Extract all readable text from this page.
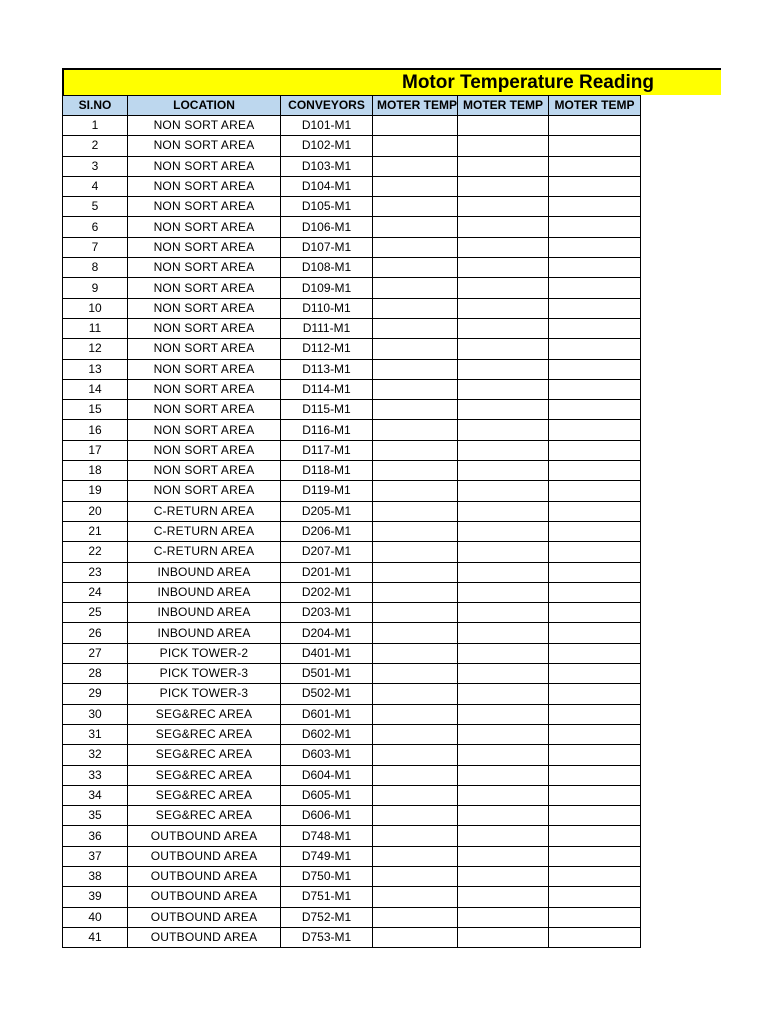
Motor Temperature Reading
SI.NO	LOCATION	CONVEYORS	MOTER TEMP	MOTER TEMP	MOTER TEMP
1	NON SORT AREA	D101-M1			
2	NON SORT AREA	D102-M1			
3	NON SORT AREA	D103-M1			
4	NON SORT AREA	D104-M1			
5	NON SORT AREA	D105-M1			
6	NON SORT AREA	D106-M1			
7	NON SORT AREA	D107-M1			
8	NON SORT AREA	D108-M1			
9	NON SORT AREA	D109-M1			
10	NON SORT AREA	D110-M1			
11	NON SORT AREA	D111-M1			
12	NON SORT AREA	D112-M1			
13	NON SORT AREA	D113-M1			
14	NON SORT AREA	D114-M1			
15	NON SORT AREA	D115-M1			
16	NON SORT AREA	D116-M1			
17	NON SORT AREA	D117-M1			
18	NON SORT AREA	D118-M1			
19	NON SORT AREA	D119-M1			
20	C-RETURN AREA	D205-M1			
21	C-RETURN AREA	D206-M1			
22	C-RETURN AREA	D207-M1			
23	INBOUND AREA	D201-M1			
24	INBOUND AREA	D202-M1			
25	INBOUND AREA	D203-M1			
26	INBOUND AREA	D204-M1			
27	PICK TOWER-2	D401-M1			
28	PICK TOWER-3	D501-M1			
29	PICK TOWER-3	D502-M1			
30	SEG&REC AREA	D601-M1			
31	SEG&REC AREA	D602-M1			
32	SEG&REC AREA	D603-M1			
33	SEG&REC AREA	D604-M1			
34	SEG&REC AREA	D605-M1			
35	SEG&REC AREA	D606-M1			
36	OUTBOUND AREA	D748-M1			
37	OUTBOUND AREA	D749-M1			
38	OUTBOUND AREA	D750-M1			
39	OUTBOUND AREA	D751-M1			
40	OUTBOUND AREA	D752-M1			
41	OUTBOUND AREA	D753-M1			
